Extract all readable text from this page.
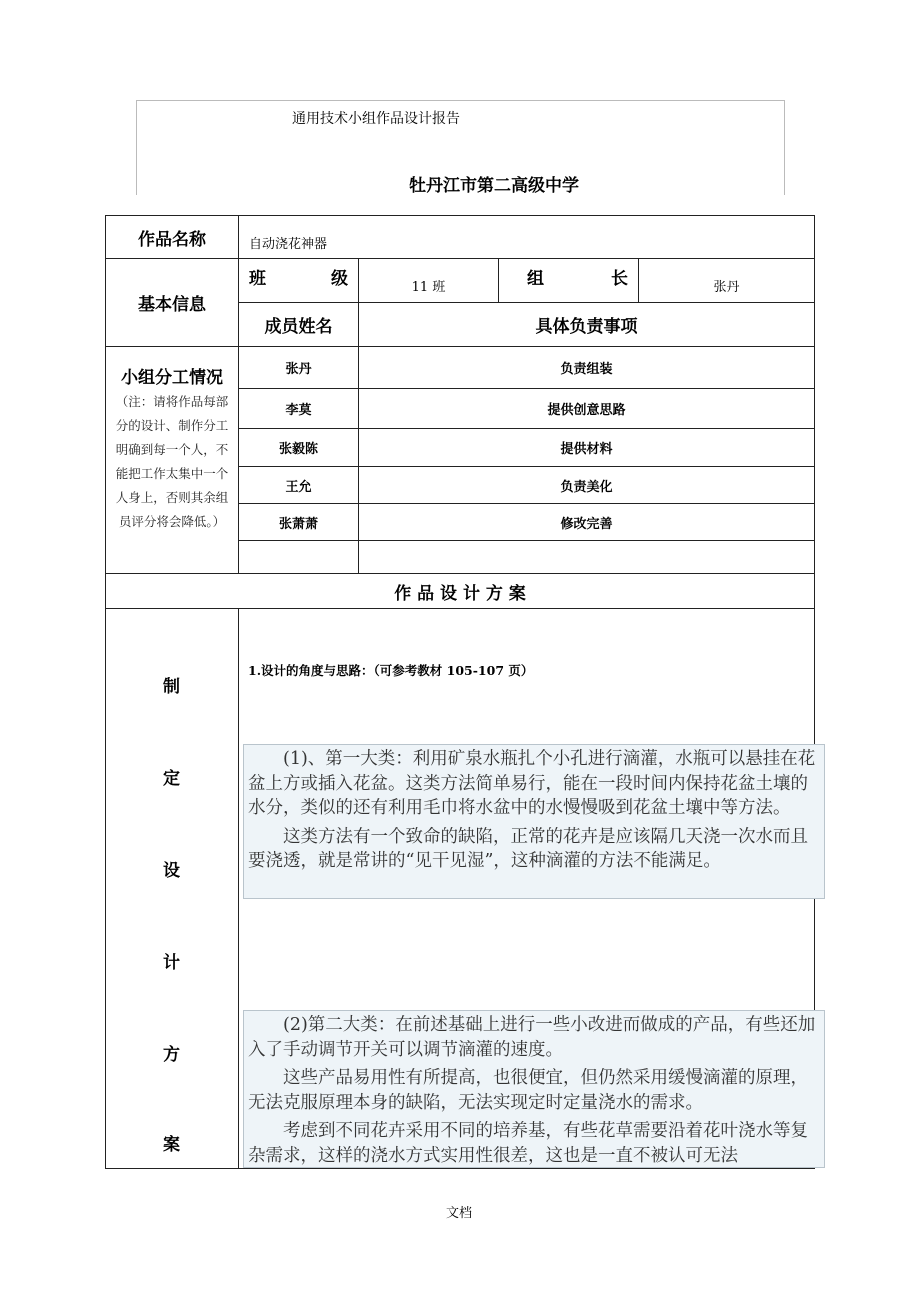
通用技术小组作品设计报告
牡丹江市第二高级中学
作品名称	自动浇花神器
基本信息
班	级	11 班	组	长	张丹
成员姓名	具体负责事项
小组分工情况
（注：请将作品每部分的设计、制作分工明确到每一个人，不能把工作太集中一个人身上，否则其余组员评分将会降低。）
张丹	负责组装
李莫	提供创意思路
张毅陈	提供材料
王允	负责美化
张萧萧	修改完善
作 品 设 计 方 案
制
定
设
计
方
案
1.设计的角度与思路：（可参考教材 105-107 页）

(1)、第一大类：利用矿泉水瓶扎个小孔进行滴灌，水瓶可以悬挂在花盆上方或插入花盆。这类方法简单易行，能在一段时间内保持花盆土壤的水分，类似的还有利用毛巾将水盆中的水慢慢吸到花盆土壤中等方法。

这类方法有一个致命的缺陷，正常的花卉是应该隔几天浇一次水而且要浇透，就是常讲的“见干见湿”，这种滴灌的方法不能满足。

(2)第二大类：在前述基础上进行一些小改进而做成的产品，有些还加入了手动调节开关可以调节滴灌的速度。

这些产品易用性有所提高，也很便宜，但仍然采用缓慢滴灌的原理，无法克服原理本身的缺陷，无法实现定时定量浇水的需求。

考虑到不同花卉采用不同的培养基，有些花草需要沿着花叶浇水等复杂需求，这样的浇水方式实用性很差，这也是一直不被认可无法

文档
